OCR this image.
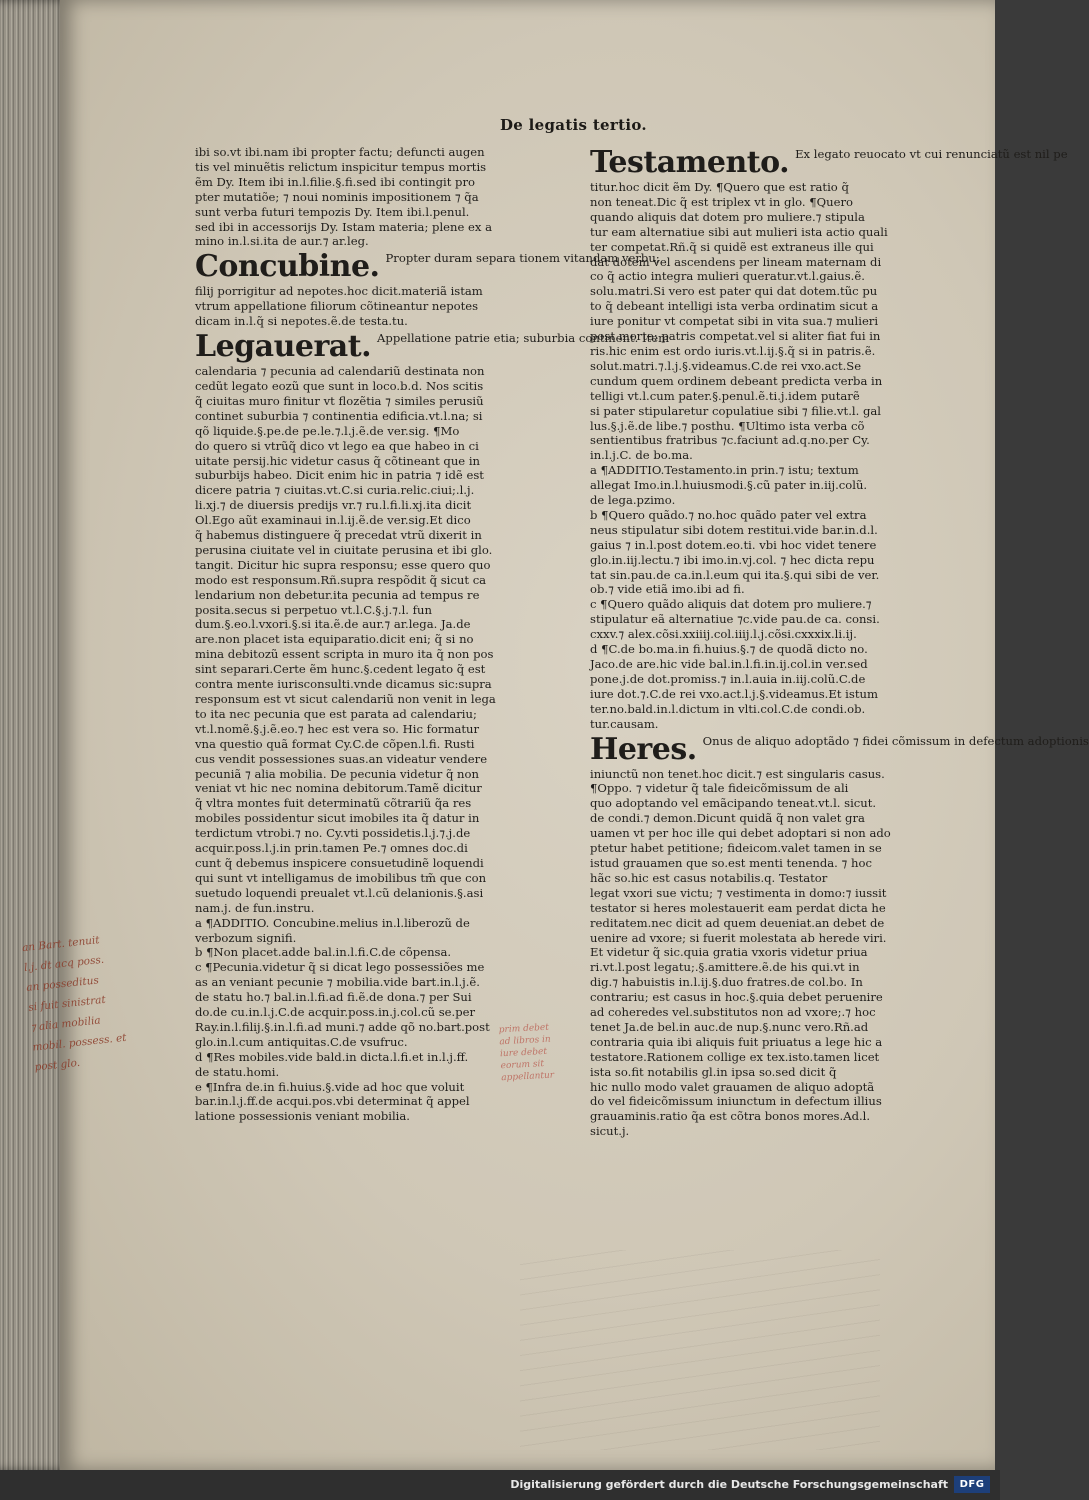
De legatis tertio.
ibi so.vt ibi.nam ibi propter factu; defuncti augen
tis vel minuẽtis relictum inspicitur tempus mortis
ẽm Dy. Item ibi in.l.filie.§.fi.sed ibi contingit pro
pter mutatiõe; ⁊ noui nominis impositionem ⁊ q̃a
sunt verba futuri tempozis Dy. Item ibi.l.penul.
sed ibi in accessorijs Dy. Istam materia; plene ex a
mino in.l.si.ita de aur.⁊ ar.leg.
Concubine. Propter duram separa tionem vitandam verbu;
filij porrigitur ad nepotes.hoc dicit.materiã istam
vtrum appellatione filiorum cõtineantur nepotes
dicam in.l.q̃ si nepotes.ẽ.de testa.tu.
Legauerat. Appellatione patrie etia; suburbia continent. Item
calendaria ⁊ pecunia ad calendariũ destinata non
cedũt legato eozũ que sunt in loco.b.d. Nos scitis
q̃ ciuitas muro finitur vt flozẽtia ⁊ similes perusiũ
continet suburbia ⁊ continentia edificia.vt.l.na; si
qõ liquide.§.pe.de pe.le.⁊.l.j.ẽ.de ver.sig. ¶Mo
do quero si vtrũq̃ dico vt lego ea que habeo in ci
uitate persij.hic videtur casus q̃ cõtineant que in
suburbijs habeo. Dicit enim hic in patria ⁊ idẽ est
dicere patria ⁊ ciuitas.vt.C.si curia.relic.ciui;.l.j.
li.xj.⁊ de diuersis predijs vr.⁊ ru.l.fi.li.xj.ita dicit
Ol.Ego aũt examinaui in.l.ij.ẽ.de ver.sig.Et dico
q̃ habemus distinguere q̃ precedat vtrũ dixerit in
perusina ciuitate vel in ciuitate perusina et ibi glo.
tangit. Dicitur hic supra responsu; esse quero quo
modo est responsum.Rñ.supra respõdit q̃ sicut ca
lendarium non debetur.ita pecunia ad tempus re
posita.secus si perpetuo vt.l.C.§.j.⁊.l. fun
dum.§.eo.l.vxori.§.si ita.ẽ.de aur.⁊ ar.lega. Ja.de
are.non placet ista equiparatio.dicit eni; q̃ si no
mina debitozũ essent scripta in muro ita q̃ non pos
sint separari.Certe ẽm hunc.§.cedent legato q̃ est
contra mente iurisconsulti.vnde dicamus sic:supra
responsum est vt sicut calendariũ non venit in lega
to ita nec pecunia que est parata ad calendariu;
vt.l.nomẽ.§.j.ẽ.eo.⁊ hec est vera so. Hic formatur
vna questio quã format Cy.C.de cõpen.l.fi. Rusti
cus vendit possessiones suas.an videatur vendere
pecuniã ⁊ alia mobilia. De pecunia videtur q̃ non
veniat vt hic nec nomina debitorum.Tamẽ dicitur
q̃ vltra montes fuit determinatũ cõtrariũ q̃a res
mobiles possidentur sicut imobiles ita q̃ datur in
terdictum vtrobi.⁊ no. Cy.vti possidetis.l.j.⁊.j.de
acquir.poss.l.j.in prin.tamen Pe.⁊ omnes doc.di
cunt q̃ debemus inspicere consuetudinẽ loquendi
qui sunt vt intelligamus de imobilibus tm̃ que con
suetudo loquendi preualet vt.l.cũ delanionis.§.asi
nam.j. de fun.instru.
a ¶ADDITIO. Concubine.melius in.l.liberozũ de
verbozum signifi.
b ¶Non placet.adde bal.in.l.fi.C.de cõpensa.
c ¶Pecunia.videtur q̃ si dicat lego possessiões me
as an veniant pecunie ⁊ mobilia.vide bart.in.l.j.ẽ.
de statu ho.⁊ bal.in.l.fi.ad fi.ẽ.de dona.⁊ per Sui
do.de cu.in.l.j.C.de acquir.poss.in.j.col.cũ se.per
Ray.in.l.filij.§.in.l.fi.ad muni.⁊ adde qõ no.bart.post
glo.in.l.cum antiquitas.C.de vsufruc.
d ¶Res mobiles.vide bald.in dicta.l.fi.et in.l.j.ff.
de statu.homi.
e ¶Infra de.in fi.huius.§.vide ad hoc que voluit
bar.in.l.j.ff.de acqui.pos.vbi determinat q̃ appel
latione possessionis veniant mobilia.
Testamento. Ex legato reuocato vt cui renunciatũ est nil pe
titur.hoc dicit ẽm Dy. ¶Quero que est ratio q̃
non teneat.Dic q̃ est triplex vt in glo. ¶Quero
quando aliquis dat dotem pro muliere.⁊ stipula
tur eam alternatiue sibi aut mulieri ista actio quali
ter competat.Rñ.q̃ si quidẽ est extraneus ille qui
dat dotem vel ascendens per lineam maternam di
co q̃ actio integra mulieri queratur.vt.l.gaius.ẽ.
solu.matri.Si vero est pater qui dat dotem.tũc pu
to q̃ debeant intelligi ista verba ordinatim sicut a
iure ponitur vt competat sibi in vita sua.⁊ mulieri
post morte; patris competat.vel si aliter fiat fui in
ris.hic enim est ordo iuris.vt.l.ij.§.q̃ si in patris.ẽ.
solut.matri.⁊.l.j.§.videamus.C.de rei vxo.act.Se
cundum quem ordinem debeant predicta verba in
telligi vt.l.cum pater.§.penul.ẽ.ti.j.idem putarẽ
si pater stipularetur copulatiue sibi ⁊ filie.vt.l. gal
lus.§.j.ẽ.de libe.⁊ posthu. ¶Ultimo ista verba cõ
sentientibus fratribus ⁊c.faciunt ad.q.no.per Cy.
in.l.j.C. de bo.ma.
a ¶ADDITIO.Testamento.in prin.⁊ istu; textum
allegat Imo.in.l.huiusmodi.§.cũ pater in.iij.colũ.
de lega.pzimo.
b ¶Quero quãdo.⁊ no.hoc quãdo pater vel extra
neus stipulatur sibi dotem restitui.vide bar.in.d.l.
gaius ⁊ in.l.post dotem.eo.ti. vbi hoc videt tenere
glo.in.iij.lectu.⁊ ibi imo.in.vj.col. ⁊ hec dicta repu
tat sin.pau.de ca.in.l.eum qui ita.§.qui sibi de ver.
ob.⁊ vide etiã imo.ibi ad fi.
c ¶Quero quãdo aliquis dat dotem pro muliere.⁊
stipulatur eã alternatiue ⁊c.vide pau.de ca. consi.
cxxv.⁊ alex.cõsi.xxiiij.col.iiij.l.j.cõsi.cxxxix.li.ij.
d ¶C.de bo.ma.in fi.huius.§.⁊ de quodã dicto no.
Jaco.de are.hic vide bal.in.l.fi.in.ij.col.in ver.sed
pone.j.de dot.promiss.⁊ in.l.auia in.iij.colũ.C.de
iure dot.⁊.C.de rei vxo.act.l.j.§.videamus.Et istum
ter.no.bald.in.l.dictum in vlti.col.C.de condi.ob.
tur.causam.
Heres. Onus de aliquo adoptãdo ⁊ fidei cõmissum in defectum adoptionis
iniunctũ non tenet.hoc dicit.⁊ est singularis casus.
¶Oppo. ⁊ videtur q̃ tale fideicõmissum de ali
quo adoptando vel emãcipando teneat.vt.l. sicut.
de condi.⁊ demon.Dicunt quidã q̃ non valet gra
uamen vt per hoc ille qui debet adoptari si non ado
ptetur habet petitione; fideicom.valet tamen in se
istud grauamen que so.est menti tenenda. ⁊ hoc
hãc so.hic est casus notabilis.q. Testator
legat vxori sue victu; ⁊ vestimenta in domo:⁊ iussit
testator si heres molestauerit eam perdat dicta he
reditatem.nec dicit ad quem deueniat.an debet de
uenire ad vxore; si fuerit molestata ab herede viri.
Et videtur q̃ sic.quia gratia vxoris videtur priua
ri.vt.l.post legatu;.§.amittere.ẽ.de his qui.vt in
dig.⁊ habuistis in.l.ij.§.duo fratres.de col.bo. In
contrariu; est casus in hoc.§.quia debet peruenire
ad coheredes vel.substitutos non ad vxore;.⁊ hoc
tenet Ja.de bel.in auc.de nup.§.nunc vero.Rñ.ad
contraria quia ibi aliquis fuit priuatus a lege hic a
testatore.Rationem collige ex tex.isto.tamen licet
ista so.fit notabilis gl.in ipsa so.sed dicit q̃
hic nullo modo valet grauamen de aliquo adoptã
do vel fideicõmissum iniunctum in defectum illius
grauaminis.ratio q̃a est cõtra bonos mores.Ad.l.
sicut.j.
an Bart. tenuit
l.j. dt acq poss.
an posseditus
si fuit sinistrat
⁊ alia mobilia
mobil. possess. et
post glo.
prim debet
ad libros in
iure debet
eorum sit
appellantur
Digitalisierung gefördert durch die Deutsche Forschungsgemeinschaft	DFG
